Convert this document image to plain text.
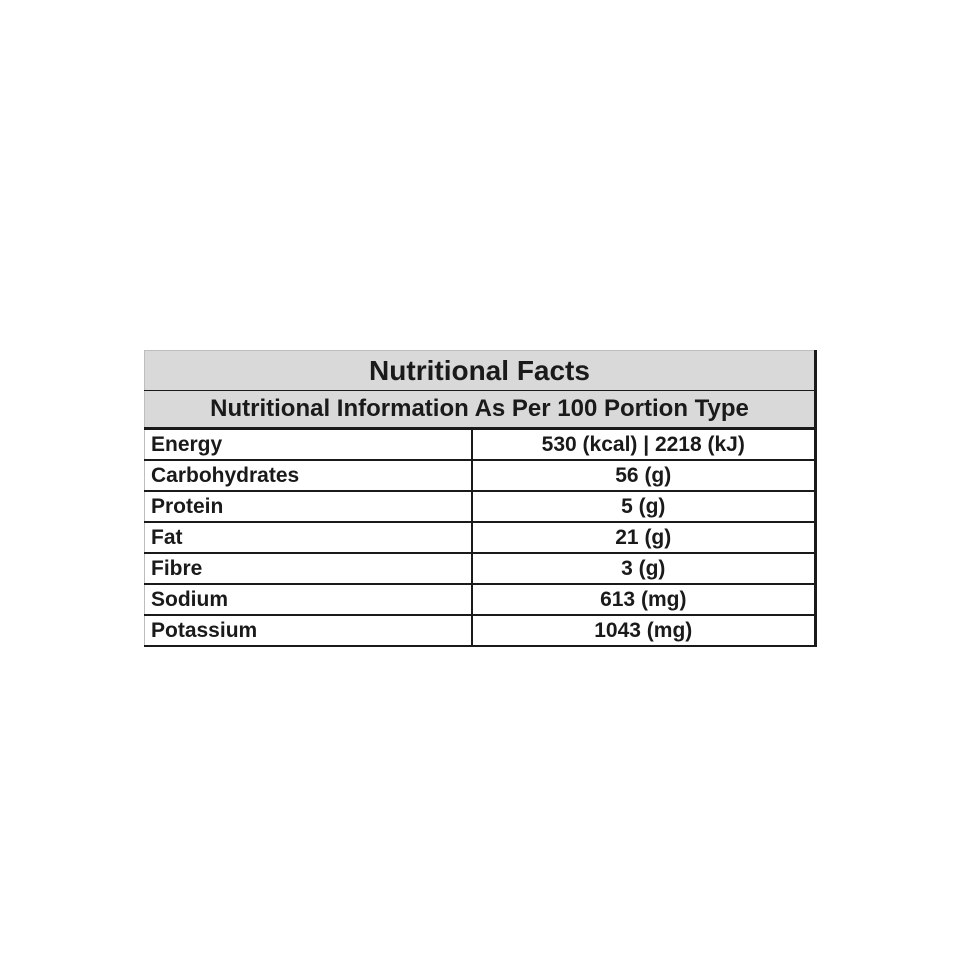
Nutritional Facts	
Nutritional Information As Per 100 Portion Type	
Energy	530 (kcal) | 2218 (kJ)
Carbohydrates	56 (g)
Protein	5 (g)
Fat	21 (g)
Fibre	3 (g)
Sodium	613 (mg)
Potassium	1043 (mg)
